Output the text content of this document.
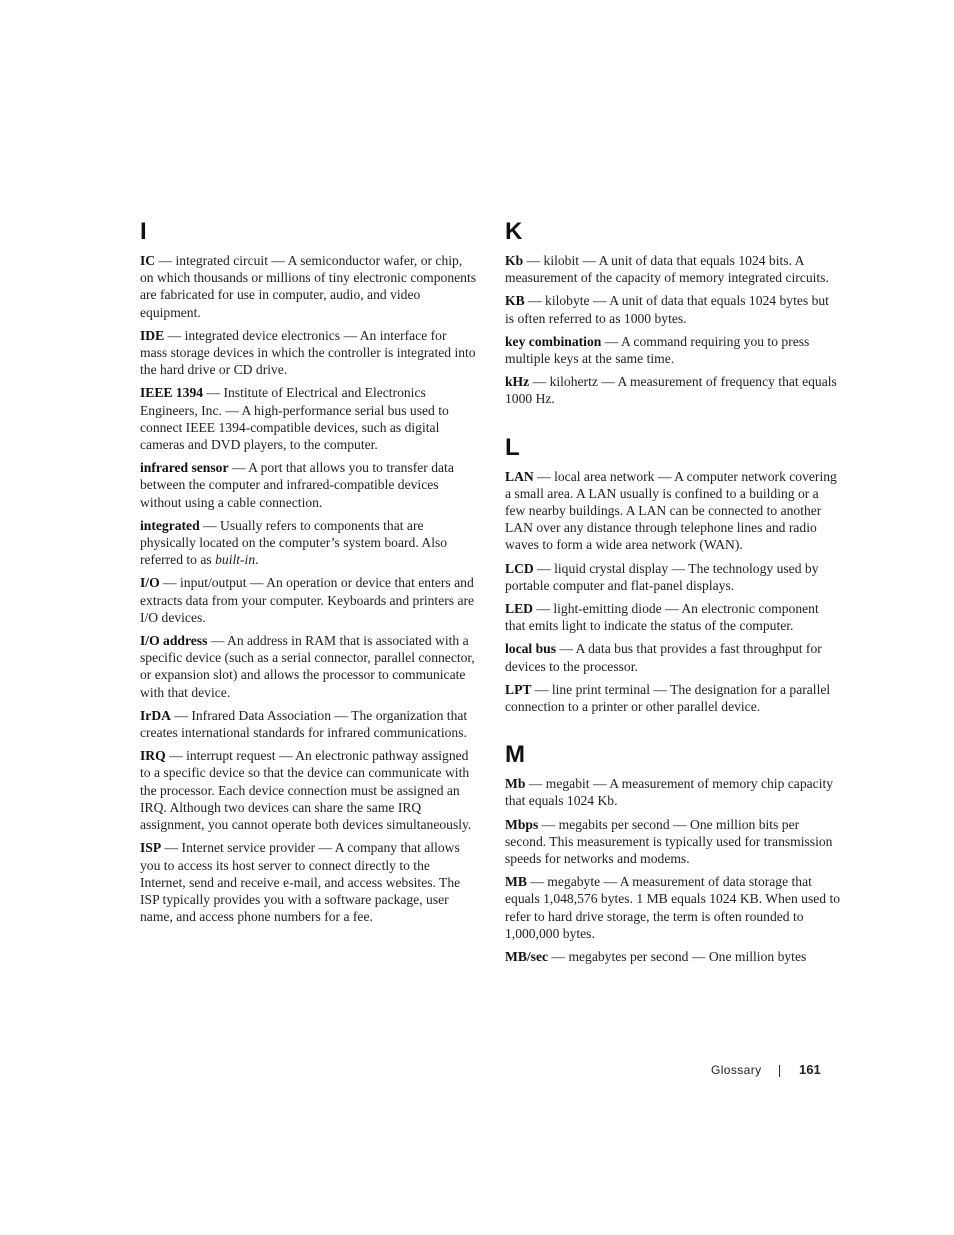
I

IC — integrated circuit — A semiconductor wafer, or chip, on which thousands or millions of tiny electronic components are fabricated for use in computer, audio, and video equipment.

IDE — integrated device electronics — An interface for mass storage devices in which the controller is integrated into the hard drive or CD drive.

IEEE 1394 — Institute of Electrical and Electronics Engineers, Inc. — A high-performance serial bus used to connect IEEE 1394-compatible devices, such as digital cameras and DVD players, to the computer.

infrared sensor — A port that allows you to transfer data between the computer and infrared-compatible devices without using a cable connection.

integrated — Usually refers to components that are physically located on the computer’s system board. Also referred to as built-in.

I/O — input/output — An operation or device that enters and extracts data from your computer. Keyboards and printers are I/O devices.

I/O address — An address in RAM that is associated with a specific device (such as a serial connector, parallel connector, or expansion slot) and allows the processor to communicate with that device.

IrDA — Infrared Data Association — The organization that creates international standards for infrared communications.

IRQ — interrupt request — An electronic pathway assigned to a specific device so that the device can communicate with the processor. Each device connection must be assigned an IRQ. Although two devices can share the same IRQ assignment, you cannot operate both devices simultaneously.

ISP — Internet service provider — A company that allows you to access its host server to connect directly to the Internet, send and receive e-mail, and access websites. The ISP typically provides you with a software package, user name, and access phone numbers for a fee.

K

Kb — kilobit — A unit of data that equals 1024 bits. A measurement of the capacity of memory integrated circuits.

KB — kilobyte — A unit of data that equals 1024 bytes but is often referred to as 1000 bytes.

key combination — A command requiring you to press multiple keys at the same time.

kHz — kilohertz — A measurement of frequency that equals 1000 Hz.

L

LAN — local area network — A computer network covering a small area. A LAN usually is confined to a building or a few nearby buildings. A LAN can be connected to another LAN over any distance through telephone lines and radio waves to form a wide area network (WAN).

LCD — liquid crystal display — The technology used by portable computer and flat-panel displays.

LED — light-emitting diode — An electronic component that emits light to indicate the status of the computer.

local bus — A data bus that provides a fast throughput for devices to the processor.

LPT — line print terminal — The designation for a parallel connection to a printer or other parallel device.

M

Mb — megabit — A measurement of memory chip capacity that equals 1024 Kb.

Mbps — megabits per second — One million bits per second. This measurement is typically used for transmission speeds for networks and modems.

MB — megabyte — A measurement of data storage that equals 1,048,576 bytes. 1 MB equals 1024 KB. When used to refer to hard drive storage, the term is often rounded to 1,000,000 bytes.

MB/sec — megabytes per second — One million bytes

Glossary	161
